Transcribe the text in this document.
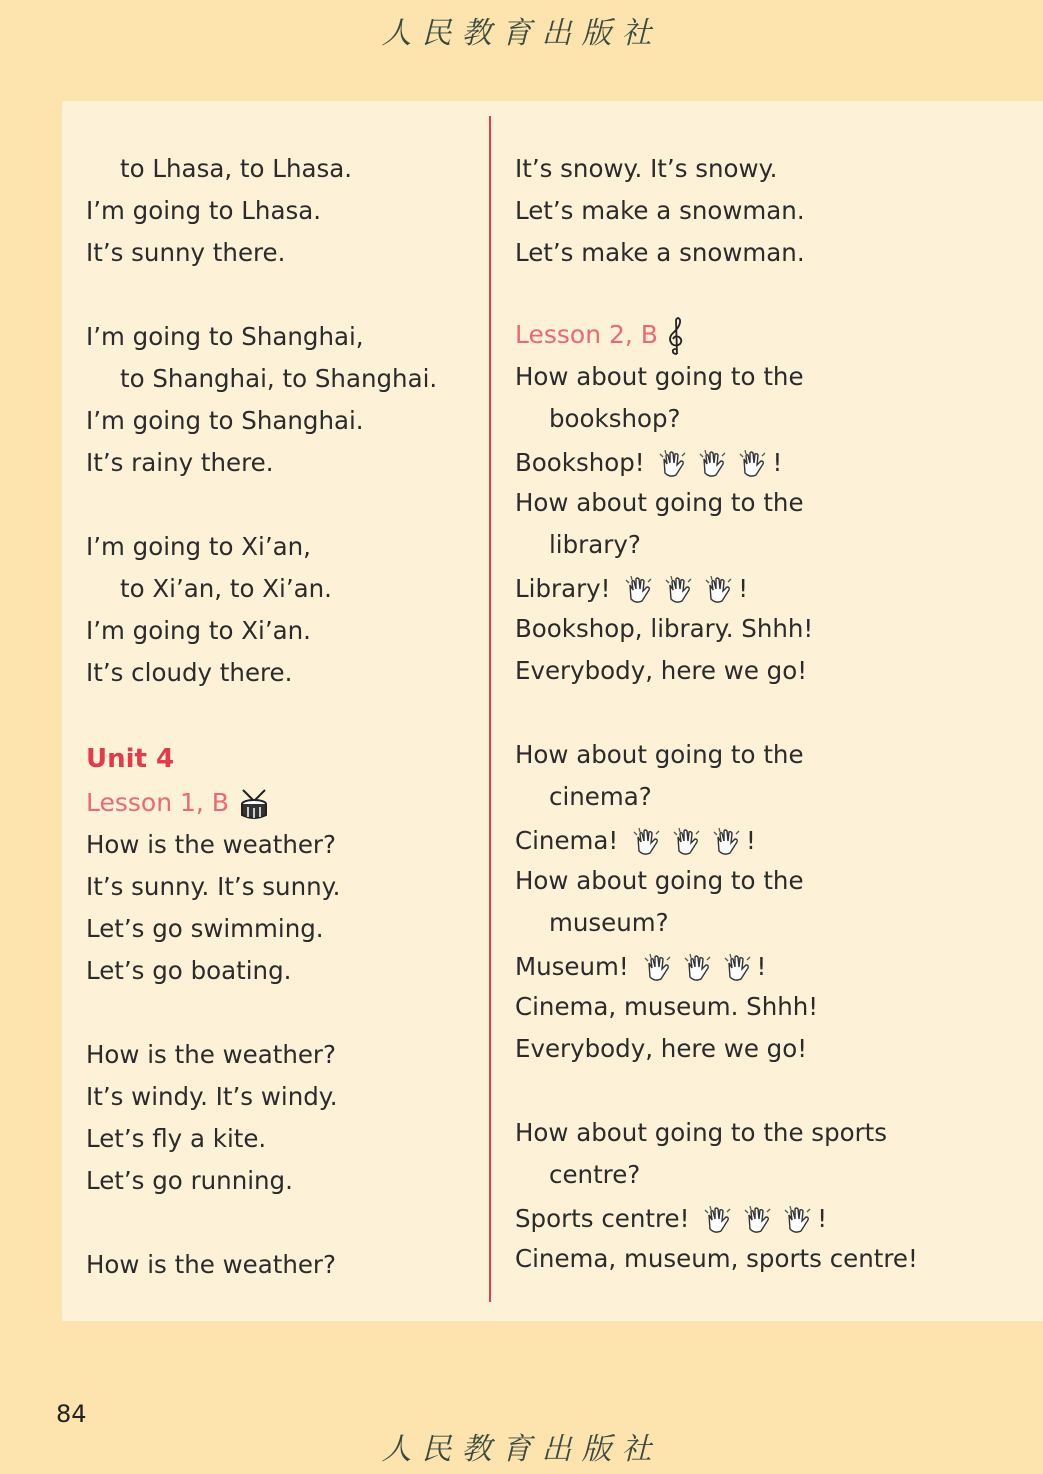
人民教育出版社
to Lhasa, to Lhasa.
I’m going to Lhasa.
It’s sunny there.
I’m going to Shanghai,
to Shanghai, to Shanghai.
I’m going to Shanghai.
It’s rainy there.
I’m going to Xi’an,
to Xi’an, to Xi’an.
I’m going to Xi’an.
It’s cloudy there.
Unit 4
Lesson 1, B
How is the weather?
It’s sunny. It’s sunny.
Let’s go swimming.
Let’s go boating.
How is the weather?
It’s windy. It’s windy.
Let’s fly a kite.
Let’s go running.
How is the weather?
It’s snowy. It’s snowy.
Let’s make a snowman.
Let’s make a snowman.
Lesson 2, B
How about going to the
bookshop?
Bookshop!	!
How about going to the
library?
Library!	!
Bookshop, library. Shhh!
Everybody, here we go!
How about going to the
cinema?
Cinema!	!
How about going to the
museum?
Museum!	!
Cinema, museum. Shhh!
Everybody, here we go!
How about going to the sports
centre?
Sports centre!	!
Cinema, museum, sports centre!
84
人民教育出版社
